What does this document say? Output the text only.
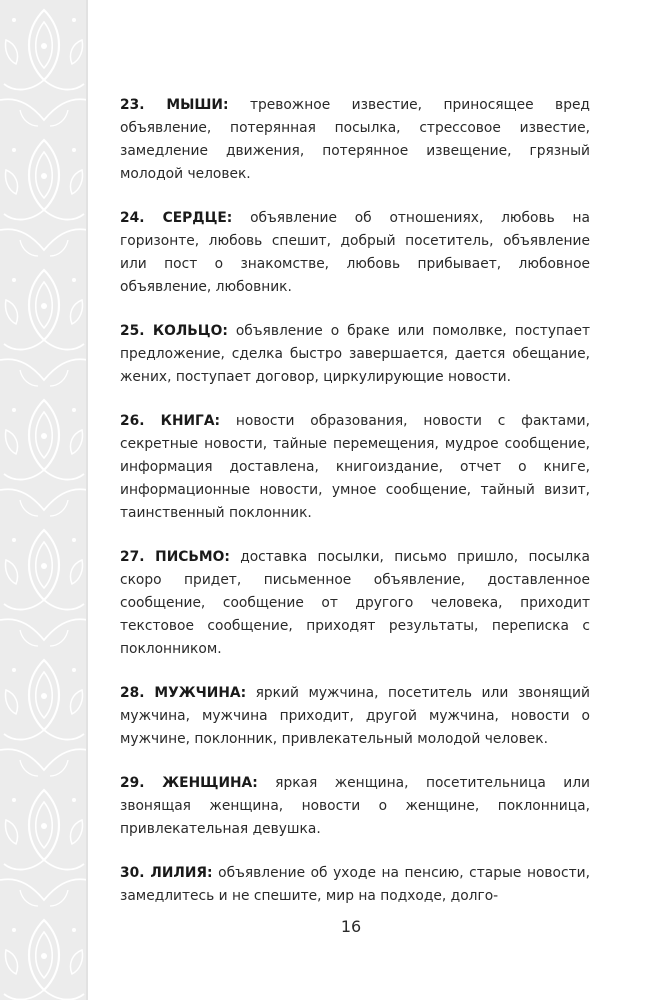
23. МЫШИ: тревожное известие, приносящее вред объявление, потерянная посылка, стрессовое известие, замедление движения, потерянное извещение, грязный молодой человек.

24. СЕРДЦЕ: объявление об отношениях, любовь на горизонте, любовь спешит, добрый посетитель, объявление или пост о знакомстве, любовь прибывает, любовное объявление, любовник.

25. КОЛЬЦО: объявление о браке или помолвке, поступает предложение, сделка быстро завершается, дается обещание, жених, поступает договор, циркулирующие новости.

26. КНИГА: новости образования, новости с фактами, секретные новости, тайные перемещения, мудрое сообщение, информация доставлена, книгоиздание, отчет о книге, информационные новости, умное сообщение, тайный визит, таинственный поклонник.

27. ПИСЬМО: доставка посылки, письмо пришло, посылка скоро придет, письменное объявление, доставленное сообщение, сообщение от другого человека, приходит текстовое сообщение, приходят результаты, переписка с поклонником.

28. МУЖЧИНА: яркий мужчина, посетитель или звонящий мужчина, мужчина приходит, другой мужчина, новости о мужчине, поклонник, привлекательный молодой человек.

29. ЖЕНЩИНА: яркая женщина, посетительница или звонящая женщина, новости о женщине, поклонница, привлекательная девушка.

30. ЛИЛИЯ: объявление об уходе на пенсию, старые новости, замедлитесь и не спешите, мир на подходе, долго-

16
